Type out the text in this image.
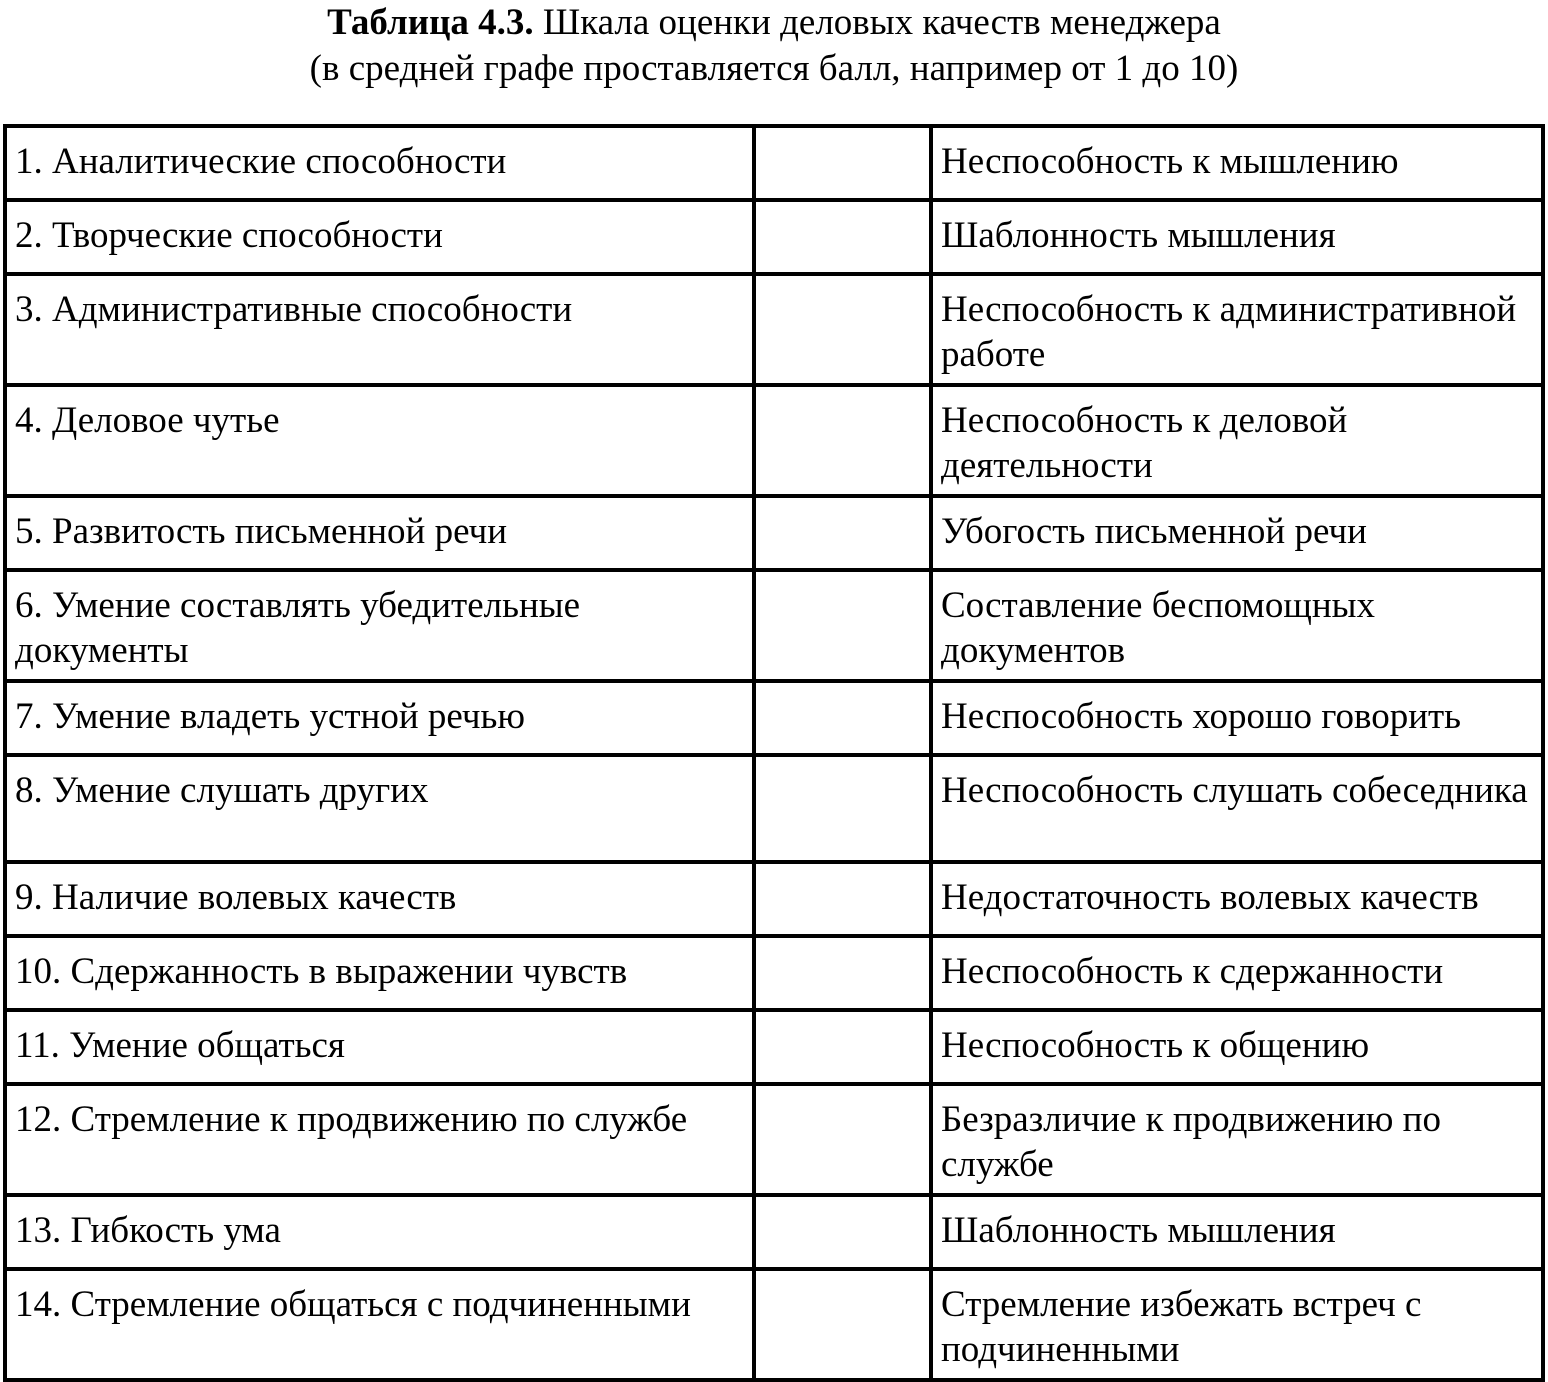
Таблица 4.3. Шкала оценки деловых качеств менеджера
(в средней графе проставляется балл, например от 1 до 10)
1. Аналитические способности		Неспособность к мышлению
2. Творческие способности		Шаблонность мышления
3. Административные способности		Неспособность к административной работе
4. Деловое чутье		Неспособность к деловой деятельности
5. Развитость письменной речи		Убогость письменной речи
6. Умение составлять убедительные документы		Составление беспомощных документов
7. Умение владеть устной речью		Неспособность хорошо говорить
8. Умение слушать других		Неспособность слушать собеседника
9. Наличие волевых качеств		Недостаточность волевых качеств
10. Сдержанность в выражении чувств		Неспособность к сдержанности
11. Умение общаться		Неспособность к общению
12. Стремление к продвижению по службе		Безразличие к продвижению по службе
13. Гибкость ума		Шаблонность мышления
14. Стремление общаться с подчиненными		Стремление избежать встреч с подчиненными
